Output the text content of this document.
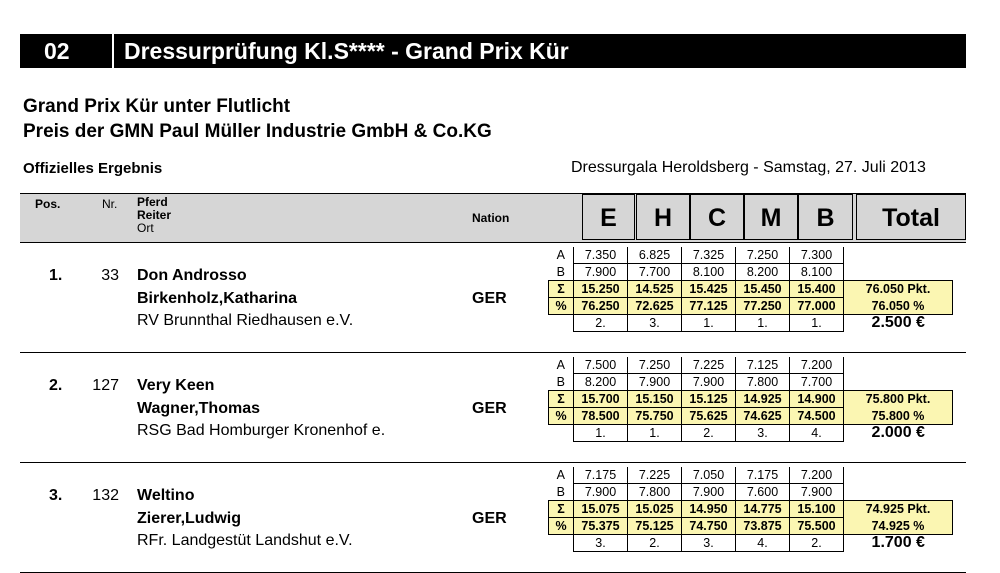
02 Dressurprüfung Kl.S**** - Grand Prix Kür
Grand Prix Kür unter Flutlicht
Preis der GMN Paul Müller Industrie GmbH & Co.KG
Offizielles Ergebnis	Dressurgala Heroldsberg - Samstag, 27. Juli 2013
Pos.	Nr. Pferd
Reiter
Ort
Nation	E	H	C	M	B	Total
1.	33 Don Androsso
Birkenholz,Katharina
RV Brunnthal Riedhausen e.V.
GER
A	7.350	6.825	7.325	7.250	7.300	
B	7.900	7.700	8.100	8.200	8.100	
Σ	15.250	14.525	15.425	15.450	15.400	76.050 Pkt.
%	76.250	72.625	77.125	77.250	77.000	76.050 %
	2.	3.	1.	1.	1.	2.500 €
2. 127 Very Keen
Wagner,Thomas
RSG Bad Homburger Kronenhof e.
GER
A	7.500	7.250	7.225	7.125	7.200	
B	8.200	7.900	7.900	7.800	7.700	
Σ	15.700	15.150	15.125	14.925	14.900	75.800 Pkt.
%	78.500	75.750	75.625	74.625	74.500	75.800 %
	1.	1.	2.	3.	4.	2.000 €
3. 132 Weltino
Zierer,Ludwig
RFr. Landgestüt Landshut e.V.
GER
A	7.175	7.225	7.050	7.175	7.200	
B	7.900	7.800	7.900	7.600	7.900	
Σ	15.075	15.025	14.950	14.775	15.100	74.925 Pkt.
%	75.375	75.125	74.750	73.875	75.500	74.925 %
	3.	2.	3.	4.	2.	1.700 €
